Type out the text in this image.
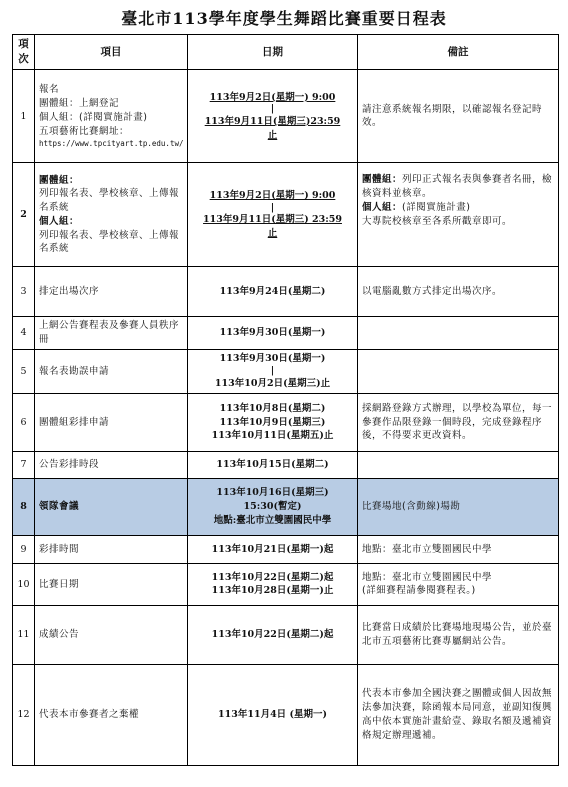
臺北市113學年度學生舞蹈比賽重要日程表
項次	項目	日期	備註
1	報名
團體組：上網登記
個人組：(詳閱實施計畫)
五項藝術比賽網址：
https://www.tpcityart.tp.edu.tw/	113年9月2日(星期一) 9:00
|
113年9月11日(星期三)23:59
止	請注意系統報名期限，以確認報名登記時效。
2	團體組：
列印報名表、學校核章、上傳報名系統
個人組：
列印報名表、學校核章、上傳報名系統	113年9月2日(星期一) 9:00
|
113年9月11日(星期三) 23:59
止	團體組：列印正式報名表與參賽者名冊，檢核資料並核章。
個人組：(詳閱實施計畫)
大專院校核章至各系所戳章即可。
3	排定出場次序	113年9月24日(星期二)	以電腦亂數方式排定出場次序。
4	上網公告賽程表及參賽人員秩序冊	113年9月30日(星期一)	
5	報名表勘誤申請	113年9月30日(星期一)
|
113年10月2日(星期三)止	

6	團體組彩排申請	113年10月8日(星期二)
113年10月9日(星期三)
113年10月11日(星期五)止	採網路登錄方式辦理，以學校為單位，每一參賽作品限登錄一個時段，完成登錄程序後，不得要求更改資料。
7	公告彩排時段	113年10月15日(星期二)	
8	領隊會議	113年10月16日(星期三)
15:30(暫定)
地點:臺北市立雙園國民中學	比賽場地(含動線)場勘
9	彩排時間	113年10月21日(星期一)起	地點：臺北市立雙園國民中學
10	比賽日期	113年10月22日(星期二)起
113年10月28日(星期一)止	地點：臺北市立雙園國民中學
(詳細賽程請參閱賽程表。)

11	成績公告	113年10月22日(星期二)起	比賽當日成績於比賽場地現場公告，並於臺北市五項藝術比賽專屬網站公告。
12	代表本市參賽者之棄權	113年11月4日 (星期一)	代表本市參加全國決賽之團體或個人因故無法參加決賽，除函報本局同意，並副知復興高中依本實施計畫給壹、錄取名額及遞補資格規定辦理遞補。
